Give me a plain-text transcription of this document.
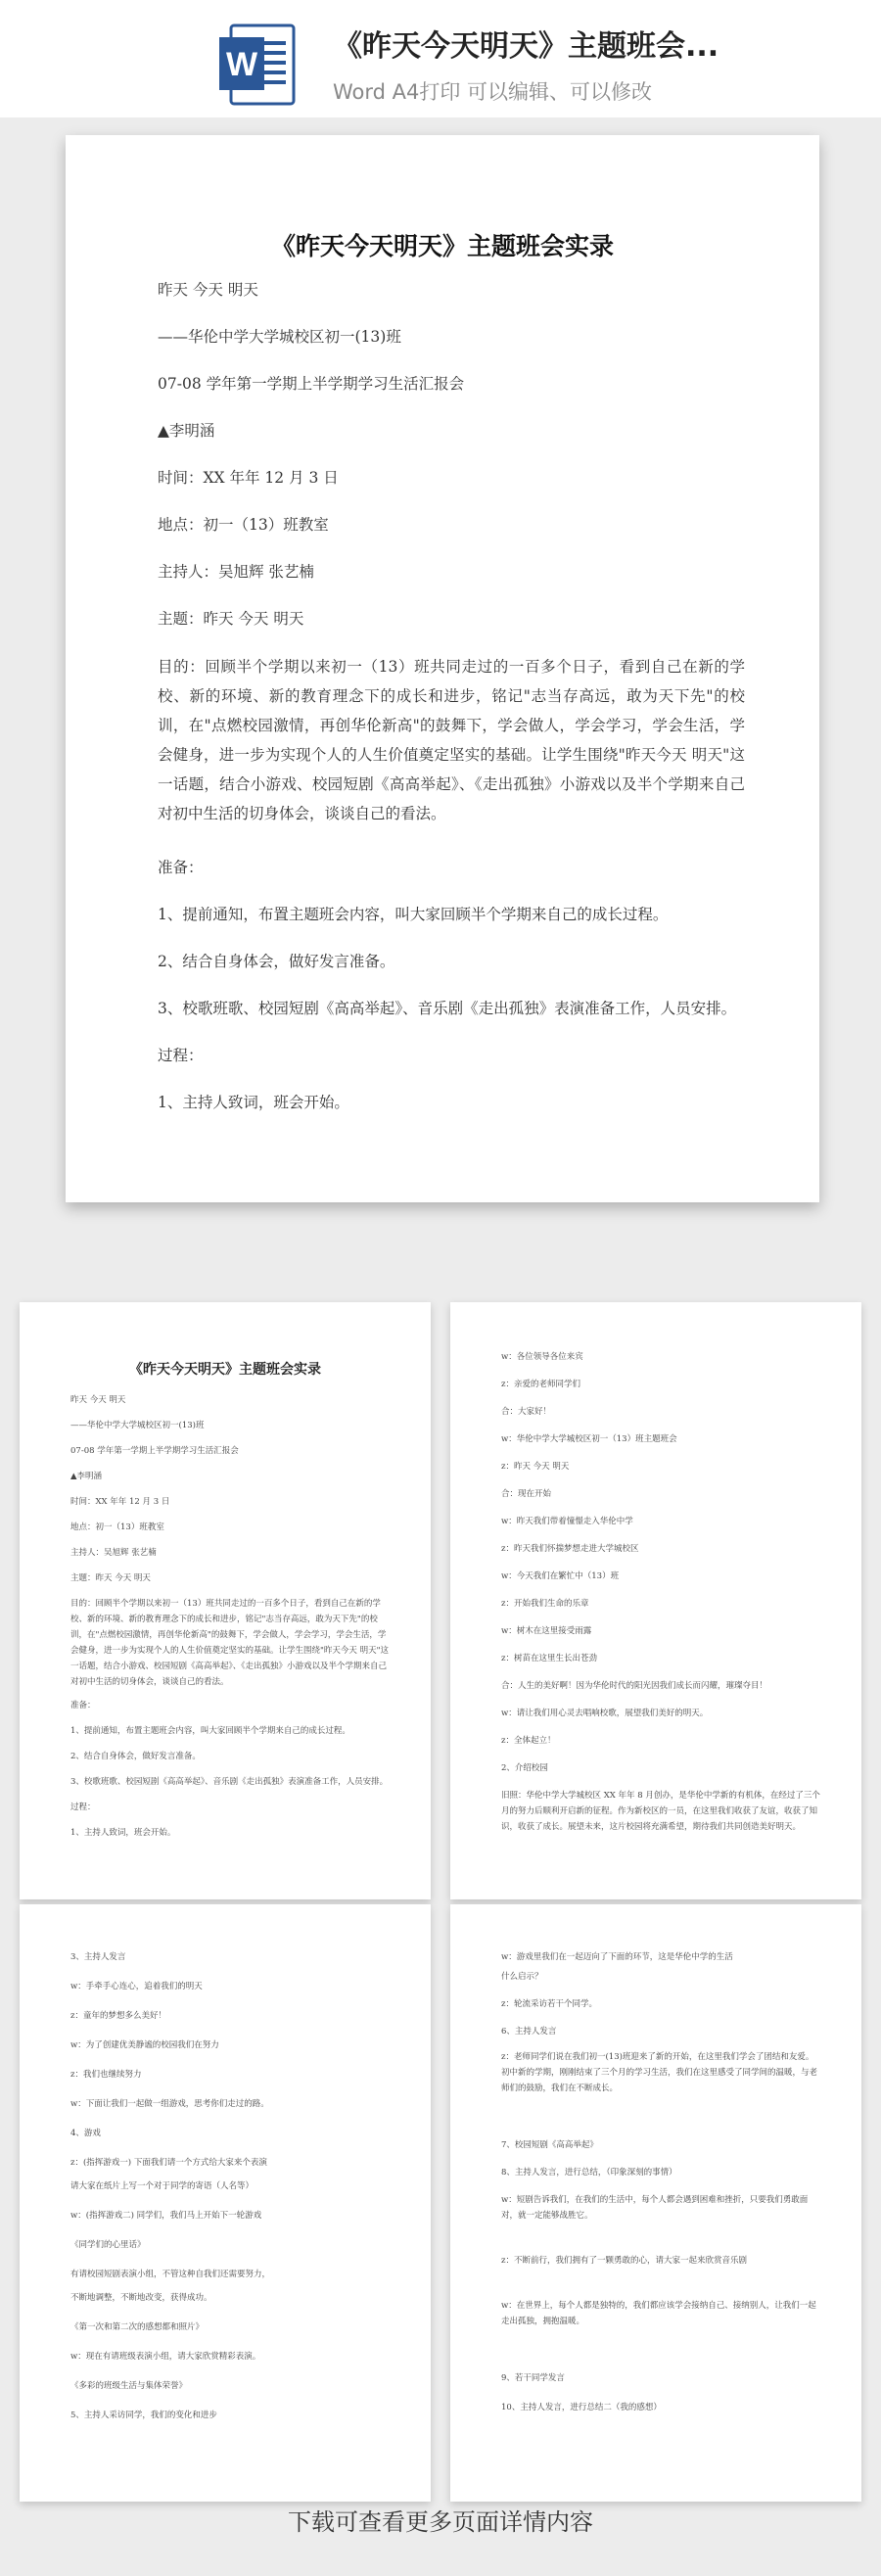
W	《昨天今天明天》主题班会...
Word A4打印 可以编辑、可以修改
《昨天今天明天》主题班会实录
昨天 今天 明天
——华伦中学大学城校区初一(13)班
07-08 学年第一学期上半学期学习生活汇报会
▲李明涵
时间：XX 年年 12 月 3 日
地点：初一（13）班教室
主持人：吴旭辉 张艺楠
主题：昨天 今天 明天
目的：回顾半个学期以来初一（13）班共同走过的一百多个日子，看到自己在新的学校、新的环境、新的教育理念下的成长和进步，铭记"志当存高远，敢为天下先"的校训，在"点燃校园激情，再创华伦新高"的鼓舞下，学会做人，学会学习，学会生活，学会健身，进一步为实现个人的人生价值奠定坚实的基础。让学生围绕"昨天今天 明天"这一话题，结合小游戏、校园短剧《高高举起》、《走出孤独》小游戏以及半个学期来自己对初中生活的切身体会，谈谈自己的看法。
准备：
1、提前通知，布置主题班会内容，叫大家回顾半个学期来自己的成长过程。
2、结合自身体会，做好发言准备。
3、校歌班歌、校园短剧《高高举起》、音乐剧《走出孤独》表演准备工作，人员安排。
过程：
1、主持人致词，班会开始。
《昨天今天明天》主题班会实录
昨天 今天 明天
——华伦中学大学城校区初一(13)班
07-08 学年第一学期上半学期学习生活汇报会
▲李明涵
时间：XX 年年 12 月 3 日
地点：初一（13）班教室
主持人：吴旭辉 张艺楠
主题：昨天 今天 明天
目的：回顾半个学期以来初一（13）班共同走过的一百多个日子，看到自己在新的学校、新的环境、新的教育理念下的成长和进步，铭记"志当存高远，敢为天下先"的校训，在"点燃校园激情，再创华伦新高"的鼓舞下，学会做人，学会学习，学会生活，学会健身，进一步为实现个人的人生价值奠定坚实的基础。让学生围绕"昨天今天 明天"这一话题，结合小游戏、校园短剧《高高举起》、《走出孤独》小游戏以及半个学期来自己对初中生活的切身体会，谈谈自己的看法。
准备：
1、提前通知，布置主题班会内容，叫大家回顾半个学期来自己的成长过程。
2、结合自身体会，做好发言准备。
3、校歌班歌、校园短剧《高高举起》、音乐剧《走出孤独》表演准备工作，人员安排。
过程：
1、主持人致词，班会开始。
w：各位领导各位来宾
z：亲爱的老师同学们
合：大家好！
w：华伦中学大学城校区初一（13）班主题班会
z：昨天 今天 明天
合：现在开始
w：昨天我们带着憧憬走入华伦中学
z：昨天我们怀揣梦想走进大学城校区
w：今天我们在繁忙中（13）班
z：开始我们生命的乐章
w：树木在这里接受雨露
z：树苗在这里生长出苍劲
合：人生的美好啊！因为华伦时代的阳光因我们成长而闪耀，璀璨夺目！
w：请让我们用心灵去唱响校歌，展望我们美好的明天。
z：全体起立！
2、介绍校园
旧照：华伦中学大学城校区 XX 年年 8 月创办，是华伦中学新的有机体，在经过了三个月的努力后顺利开启新的征程。作为新校区的一员，在这里我们收获了友谊，收获了知识，收获了成长。展望未来，这片校园将充满希望，期待我们共同创造美好明天。
3、主持人发言
w：手牵手心连心，追着我们的明天
z：童年的梦想多么美好！
w：为了创建优美静谧的校园我们在努力
z：我们也继续努力
w：下面让我们一起做一组游戏，思考你们走过的路。
4、游戏
z：(指挥游戏一) 下面我们请一个方式给大家来个表演
请大家在纸片上写一个对于同学的寄语（人名等）
w：(指挥游戏二) 同学们，我们马上开始下一轮游戏
《同学们的心里话》
有请校园短剧表演小组，不管这种自我们还需要努力，
不断地调整，不断地改变，获得成功。
《第一次和第二次的感想都和照片》
w：现在有请班级表演小组，请大家欣赏精彩表演。
《多彩的班级生活与集体荣誉》
5、主持人采访同学，我们的变化和进步
w：游戏里我们在一起迈向了下面的环节，这是华伦中学的生活
什么启示？
z：轮流采访若干个同学。
6、主持人发言
z：老师同学们说在我们初一(13)班迎来了新的开始，在这里我们学会了团结和友爱。初中新的学期，刚刚结束了三个月的学习生活，我们在这里感受了同学间的温暖，与老师们的鼓励，我们在不断成长。
7、校园短剧《高高举起》
8、主持人发言，进行总结，（印象深刻的事情）
w：短剧告诉我们，在我们的生活中，每个人都会遇到困难和挫折，只要我们勇敢面对，就一定能够战胜它。
z：不断前行，我们拥有了一颗勇敢的心，请大家一起来欣赏音乐剧
w：在世界上，每个人都是独特的，我们都应该学会接纳自己、接纳别人，让我们一起走出孤独，拥抱温暖。
9、若干同学发言
10、主持人发言，进行总结二（我的感想）
下载可查看更多页面详情内容
